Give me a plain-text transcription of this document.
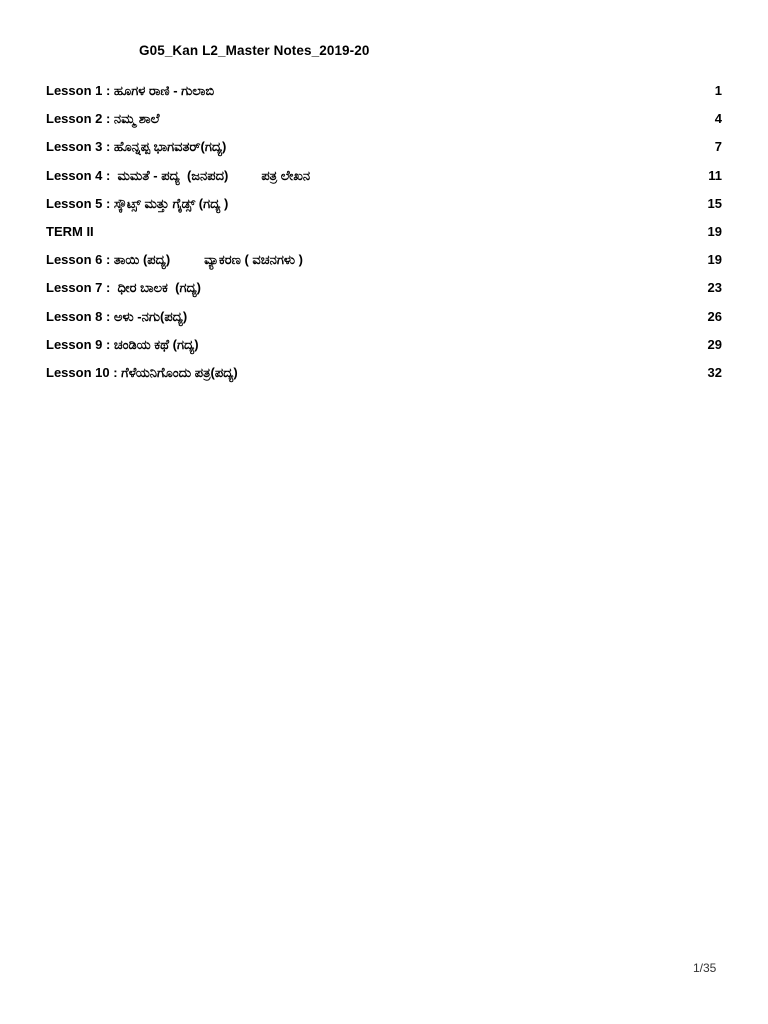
G05_Kan L2_Master Notes_2019-20
Lesson 1 : ಹೂಗಳ ರಾಣಿ - ಗುಲಾಬಿ	1
Lesson 2 : ನಮ್ಮ ಶಾಲೆ	4
Lesson 3 : ಹೊನ್ನಪ್ಪ ಭಾಗವತರ್(ಗದ್ಯ)	7
Lesson 4 :  ಮಮತೆ - ಪದ್ಯ  (ಜನಪದ)	ಪತ್ರ ಲೇಖನ	11
Lesson 5 : ಸ್ಕೌಟ್ಸ್ ಮತ್ತು ಗೈಡ್ಸ್ (ಗದ್ಯ )	15
TERM II	19
Lesson 6 : ತಾಯಿ (ಪದ್ಯ)	ವ್ಯಾಕರಣ ( ವಚನಗಳು )	19
Lesson 7 :  ಧೀರ ಬಾಲಕ  (ಗದ್ಯ)	23
Lesson 8 : ಅಳು -ನಗು(ಪದ್ಯ)	26
Lesson 9 : ಚಂಡಿಯ ಕಥೆ (ಗದ್ಯ)	29
Lesson 10 : ಗೆಳೆಯನಿಗೊಂದು ಪತ್ರ(ಪದ್ಯ)	32
1/35
